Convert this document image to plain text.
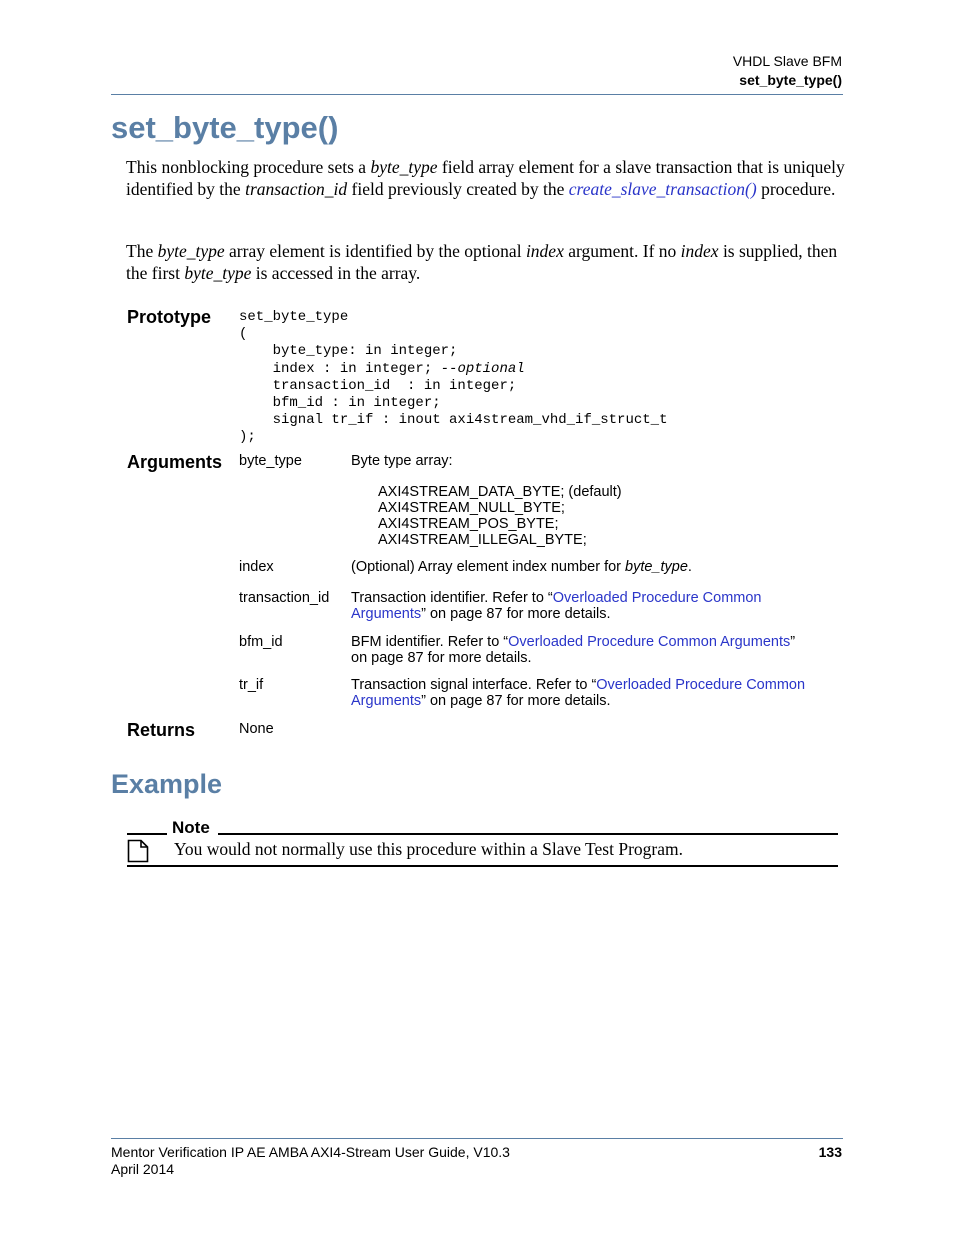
VHDL Slave BFM
set_byte_type()
set_byte_type()
This nonblocking procedure sets a byte_type field array element for a slave transaction that is uniquely identified by the transaction_id field previously created by the create_slave_transaction() procedure.
The byte_type array element is identified by the optional index argument. If no index is supplied, then the first byte_type is accessed in the array.
Prototype set_byte_type
(
byte_type: in integer;
index : in integer; --optional
transaction_id  : in integer;
bfm_id : in integer;
signal tr_if : inout axi4stream_vhd_if_struct_t
);
Arguments byte_type	Byte type array:
AXI4STREAM_DATA_BYTE; (default)
AXI4STREAM_NULL_BYTE;
AXI4STREAM_POS_BYTE;
AXI4STREAM_ILLEGAL_BYTE;
index	(Optional) Array element index number for byte_type.
transaction_id Transaction identifier. Refer to “Overloaded Procedure Common
Arguments” on page 87 for more details.
bfm_id	BFM identifier. Refer to “Overloaded Procedure Common Arguments”
on page 87 for more details.
tr_if	Transaction signal interface. Refer to “Overloaded Procedure Common
Arguments” on page 87 for more details.
Returns	None
Example
Note
You would not normally use this procedure within a Slave Test Program.
Mentor Verification IP AE AMBA AXI4-Stream User Guide, V10.3
April 2014
133
